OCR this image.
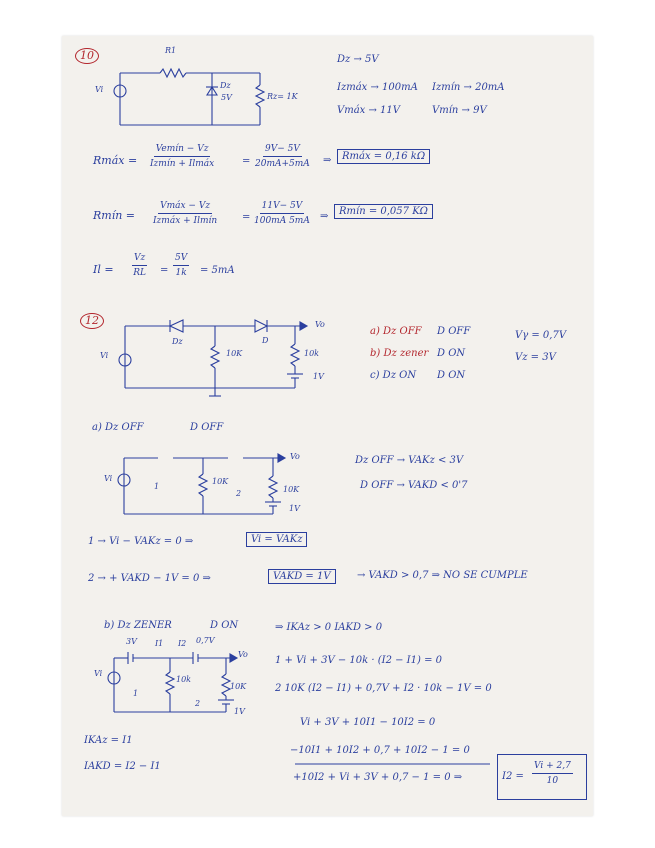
10	R1
Vi	Dz
5V	Rz= 1K
Dz → 5V
Izmáx → 100mA Izmín → 20mA
Vmáx → 11V	Vmín → 9V
Rmáx =
Vemín − Vz
Izmín + Ilmáx	= $\frac{9V- 5V}{20mA+5mA}$ ⇒	Rmáx = 0,16 kΩ
Rmín =
Vmáx − Vz
Izmáx + Ilmín = $\frac{11V- 5V}{100mA 5mA}$ ⇒	Rmín = 0,057 KΩ
$Il = \frac{Vz}{RL} = \frac{5V}{1k} = 5mA$
12
Vi
Dz	D
10K	10k
1V
Vo
a) Dz OFF D OFF
b) Dz zener D ON
c) Dz ON D ON
Vγ = 0,7V
Vz = 3V
a) Dz OFF	D OFF
Vi
1
2
10K
10K
1V
Vo	Dz OFF → VAKz < 3V
D OFF → VAKD < 0'7
1 → Vi − VAKz = 0 ⇒	Vi = VAKz
2 → + VAKD − 1V = 0 ⇒	VAKD = 1V	→ VAKD > 0,7 ⇒ NO SE CUMPLE
b) Dz ZENER	D ON	⇒ IKAz > 0 IAKD > 0
Vi
3V I1 I2 0,7V
10k
10K
1V
Vo
1
2
1 + Vi + 3V − 10k · (I2 − I1) = 0
2 10K (I2 − I1) + 0,7V + I2 · 10k − 1V = 0
Vi + 3V + 10I1 − 10I2 = 0
−10I1 + 10I2 + 0,7 + 10I2 − 1 = 0
+10I2 + Vi + 3V + 0,7 − 1 = 0 ⇒	$I2 = \frac{Vi + 2,7}{10}$
IKAz = I1
IAKD = I2 − I1
